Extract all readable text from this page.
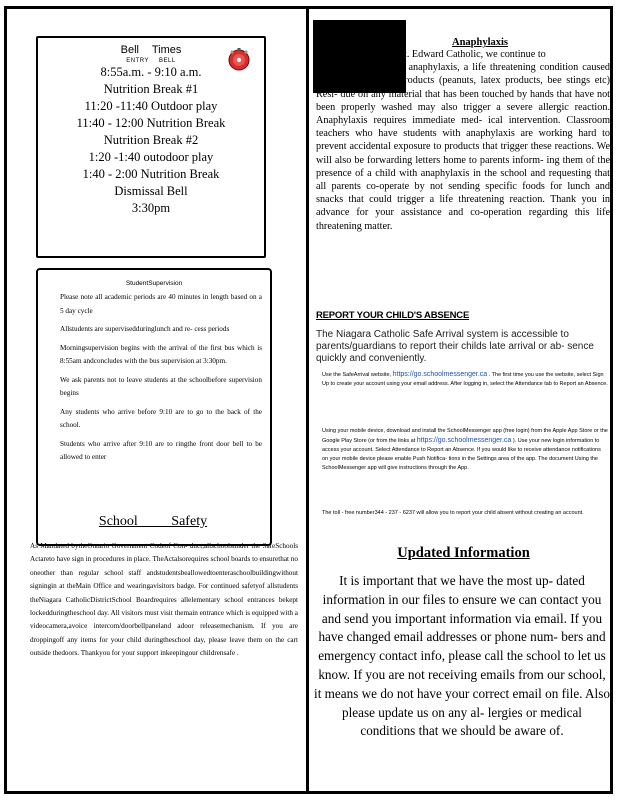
Bell Times
ENTRY BELL
8:55a.m. - 9:10 a.m.
Nutrition Break #1
11:20 -11:40 Outdoor play
11:40 - 12:00 Nutrition Break
Nutrition Break #2
1:20 -1:40 outodoor play
1:40 - 2:00 Nutrition Break
Dismissal Bell
3:30pm
StudentSupervision
Please note all academic periods are 40 minutes in length based on a 5 day cycle
Allstudents are supervisedduringlunch and re- cess periods
Morningsupervision begins with the arrival of the first bus which is 8:55am andconcludes with the bus supervision at 3:30pm.
We ask parents not to leave students at the schoolbefore supervision begins
Any students who arrive before 9:10 are to go to the back of the school.
Students who arrive after 9:10 are to ringthe front door bell to be allowed to enter
School Safety
As Mandated bytheOntario Government Codeof Con- duct,allschoolsunder the SafeSchools Actareto have sign in procedures in place. TheActalsorequires school boards to ensurethat no oneother than regular school staff andstudentsbeallowedtoenteraschoolbuildingwithout signingin at theMain Office and wearingavisitors badge. For continued safetyof allstudents theNiagara CatholicDistrictSchool Boardrequires allelementary school entrances bekept lockedduringtheschool day. All visitors must visit themain entrance which is equipped with a videocamera,avoice intercom/doorbellpaneland adoor releasemechanism. If you are droppingoff any items for your child duringtheschool day, please leave them on the cart outside thedoors. Thankyou for your support inkeepingour childrensafe .
Anaphylaxis
t. Edward Catholic, we continue to
several students with anaphylaxis, a life threatening condition caused by to certain food products (peanuts, latex products, bee stings etc) Resi- due on any material that has been touched by hands that have not been properly washed may also trigger a severe allergic reaction. Anaphylaxis requires immediate med- ical intervention. Classroom teachers who have students with anaphylaxis are working hard to prevent accidental exposure to products that trigger these reactions. We will also be forwarding letters home to parents inform- ing them of the presence of a child with anaphylaxis in the school and requesting that all parents co-operate by not sending specific foods for lunch and snacks that could trigger a life threatening reaction. Thank you in advance for your assistance and co-operation regarding this life threatening matter.
REPORT YOUR CHILD'S ABSENCE
The Niagara Catholic Safe Arrival system is accessible to parents/guardians to report their childs late arrival or ab- sence quickly and conveniently.
Use the SafeArrival website, https://go.schoolmessenger.ca . The first time you use the website, select Sign Up to create your account using your email address. After logging in, select the Attendance tab to Report an Absence.
Using your mobile device, download and install the SchoolMessenger app (free login) from the Apple App Store or the Google Play Store (or from the links at https://go.schoolmessenger.ca ). Use your new login information to access your account. Select Attendance to Report an Absence. If you would like to receive attendance notifications on your mobile device please enable Push Notifica- tions in the Settings area of the app. The document Using the SchoolMessenger app will give instructions through the App.
The toll - free number344 - 237 - 6237 will allow you to report your child absent without creating an account.
Updated Information
It is important that we have the most up- dated information in our files to ensure we can contact you and send you important information via email. If you have changed email addresses or phone num- bers and emergency contact info, please call the school to let us know. If you are not receiving emails from our school, it means we do not have your correct email on file. Also please update us on any al- lergies or medical conditions that we should be aware of.
